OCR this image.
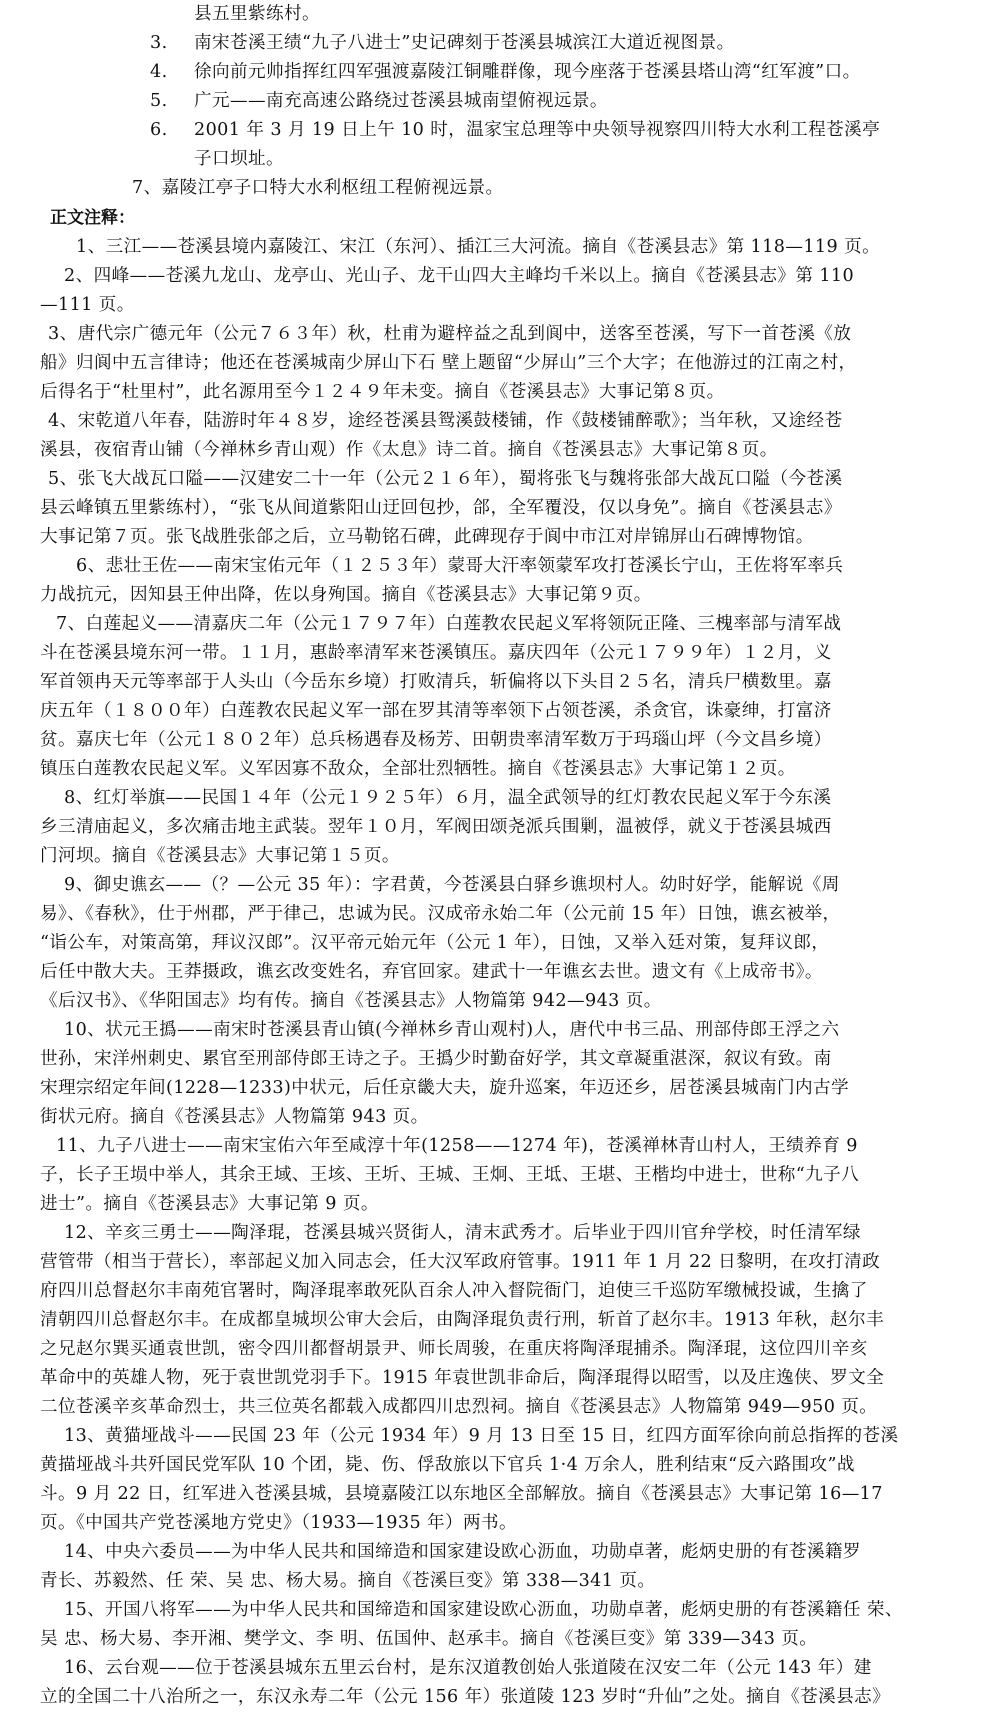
县五里紫练村。

3. 南宋苍溪王绩“九子八进士”史记碑刻于苍溪县城滨江大道近视图景。

4. 徐向前元帅指挥红四军强渡嘉陵江铜雕群像，现今座落于苍溪县塔山湾“红军渡”口。

5. 广元——南充高速公路绕过苍溪县城南望俯视远景。

6. 2001 年 3 月 19 日上午 10 时，温家宝总理等中央领导视察四川特大水利工程苍溪亭

子口坝址。

7、嘉陵江亭子口特大水利枢纽工程俯视远景。

正文注释：

1、三江——苍溪县境内嘉陵江、宋江（东河）、插江三大河流。摘自《苍溪县志》第 118—119 页。

2、四峰——苍溪九龙山、龙亭山、光山子、龙干山四大主峰均千米以上。摘自《苍溪县志》第 110

—111 页。

3、唐代宗广德元年（公元７６３年）秋，杜甫为避梓益之乱到阆中，送客至苍溪，写下一首苍溪《放

船》归阆中五言律诗；他还在苍溪城南少屏山下石 壁上题留“少屏山”三个大字；在他游过的江南之村，

后得名于“杜里村”，此名源用至今１２４９年未变。摘自《苍溪县志》大事记第８页。

4、宋乾道八年春，陆游时年４８岁，途经苍溪县鸳溪鼓楼铺，作《鼓楼铺醉歌》；当年秋，又途经苍

溪县，夜宿青山铺（今禅林乡青山观）作《太息》诗二首。摘自《苍溪县志》大事记第８页。

5、张飞大战瓦口隘——汉建安二十一年（公元２１６年），蜀将张飞与魏将张郃大战瓦口隘（今苍溪

县云峰镇五里紫练村），“张飞从间道紫阳山迂回包抄，郃，全军覆没，仅以身免”。摘自《苍溪县志》

大事记第７页。张飞战胜张郃之后，立马勒铭石碑，此碑现存于阆中市江对岸锦屏山石碑博物馆。

6、悲壮王佐——南宋宝佑元年（１２５３年）蒙哥大汗率领蒙军攻打苍溪长宁山，王佐将军率兵

力战抗元，因知县王仲出降，佐以身殉国。摘自《苍溪县志》大事记第９页。

7、白莲起义——清嘉庆二年（公元１７９７年）白莲教农民起义军将领阮正隆、三槐率部与清军战

斗在苍溪县境东河一带。１１月，惠龄率清军来苍溪镇压。嘉庆四年（公元１７９９年）１２月，义

军首领冉天元等率部于人头山（今岳东乡境）打败清兵，斩偏将以下头目２５名，清兵尸横数里。嘉

庆五年（１８００年）白莲教农民起义军一部在罗其清等率领下占领苍溪，杀贪官，诛豪绅，打富济

贫。嘉庆七年（公元１８０２年）总兵杨遇春及杨芳、田朝贵率清军数万于玛瑙山坪（今文昌乡境）

镇压白莲教农民起义军。义军因寡不敌众，全部壮烈牺牲。摘自《苍溪县志》大事记第１２页。

8、红灯举旗——民国１４年（公元１９２５年）６月，温全武领导的红灯教农民起义军于今东溪

乡三清庙起义，多次痛击地主武装。翌年１０月，军阀田颂尧派兵围剿，温被俘，就义于苍溪县城西

门河坝。摘自《苍溪县志》大事记第１５页。

9、御史谯玄——（？—公元 35 年）：字君黄，今苍溪县白驿乡谯坝村人。幼时好学，能解说《周

易》、《春秋》，仕于州郡，严于律己，忠诚为民。汉成帝永始二年（公元前 15 年）日蚀，谯玄被举，

“诣公车，对策高第，拜议汉郎”。汉平帝元始元年（公元 1 年），日蚀，又举入廷对策，复拜议郎，

后任中散大夫。王莽摄政，谯玄改变姓名，弃官回家。建武十一年谯玄去世。遗文有《上成帝书》。

《后汉书》、《华阳国志》均有传。摘自《苍溪县志》人物篇第 942—943 页。

10、状元王撝——南宋时苍溪县青山镇(今禅林乡青山观村)人，唐代中书三品、刑部侍郎王浮之六

世孙，宋洋州刺史、累官至刑部侍郎王诗之子。王撝少时勤奋好学，其文章凝重湛深，叙议有致。南

宋理宗绍定年间(1228—1233)中状元，后任京畿大夫，旋升巡案，年迈还乡，居苍溪县城南门内古学

街状元府。摘自《苍溪县志》人物篇第 943 页。

11、九子八进士——南宋宝佑六年至咸淳十年(1258——1274 年)，苍溪禅林青山村人，王绩养育 9

子，长子王埙中举人，其余王域、王垓、王圻、王城、王炯、王坻、王堪、王楷均中进士，世称“九子八

进士”。摘自《苍溪县志》大事记第 9 页。

12、辛亥三勇士——陶泽琨，苍溪县城兴贤街人，清末武秀才。后毕业于四川官弁学校，时任清军绿

营管带（相当于营长），率部起义加入同志会，任大汉军政府管事。1911 年 1 月 22 日黎明，在攻打清政

府四川总督赵尔丰南苑官署时，陶泽琨率敢死队百余人冲入督院衙门，迫使三千巡防军缴械投诚，生擒了

清朝四川总督赵尔丰。在成都皇城坝公审大会后，由陶泽琨负责行刑，斩首了赵尔丰。1913 年秋，赵尔丰

之兄赵尔巽买通袁世凯，密令四川都督胡景尹、师长周骏，在重庆将陶泽琨捕杀。陶泽琨，这位四川辛亥

革命中的英雄人物，死于袁世凯党羽手下。1915 年袁世凯非命后，陶泽琨得以昭雪，以及庄逸侠、罗文全

二位苍溪辛亥革命烈士，共三位英名都载入成都四川忠烈祠。摘自《苍溪县志》人物篇第 949—950 页。

13、黄猫垭战斗——民国 23 年（公元 1934 年）9 月 13 日至 15 日，红四方面军徐向前总指挥的苍溪

黄描垭战斗共歼国民党军队 10 个团，毙、伤、俘敌旅以下官兵 1·4 万余人，胜利结束“反六路围攻”战

斗。9 月 22 日，红军进入苍溪县城，县境嘉陵江以东地区全部解放。摘自《苍溪县志》大事记第 16—17

页。《中国共产党苍溪地方党史》（1933—1935 年）两书。

14、中央六委员——为中华人民共和国缔造和国家建设欧心沥血，功勋卓著，彪炳史册的有苍溪籍罗

青长、苏毅然、任 荣、吴 忠、杨大易。摘自《苍溪巨变》第 338—341 页。

15、开国八将军——为中华人民共和国缔造和国家建设欧心沥血，功勋卓著，彪炳史册的有苍溪籍任 荣、

吴 忠、杨大易、李开湘、樊学文、李 明、伍国仲、赵承丰。摘自《苍溪巨变》第 339—343 页。

16、云台观——位于苍溪县城东五里云台村，是东汉道教创始人张道陵在汉安二年（公元 143 年）建

立的全国二十八治所之一，东汉永寿二年（公元 156 年）张道陵 123 岁时“升仙”之处。摘自《苍溪县志》
